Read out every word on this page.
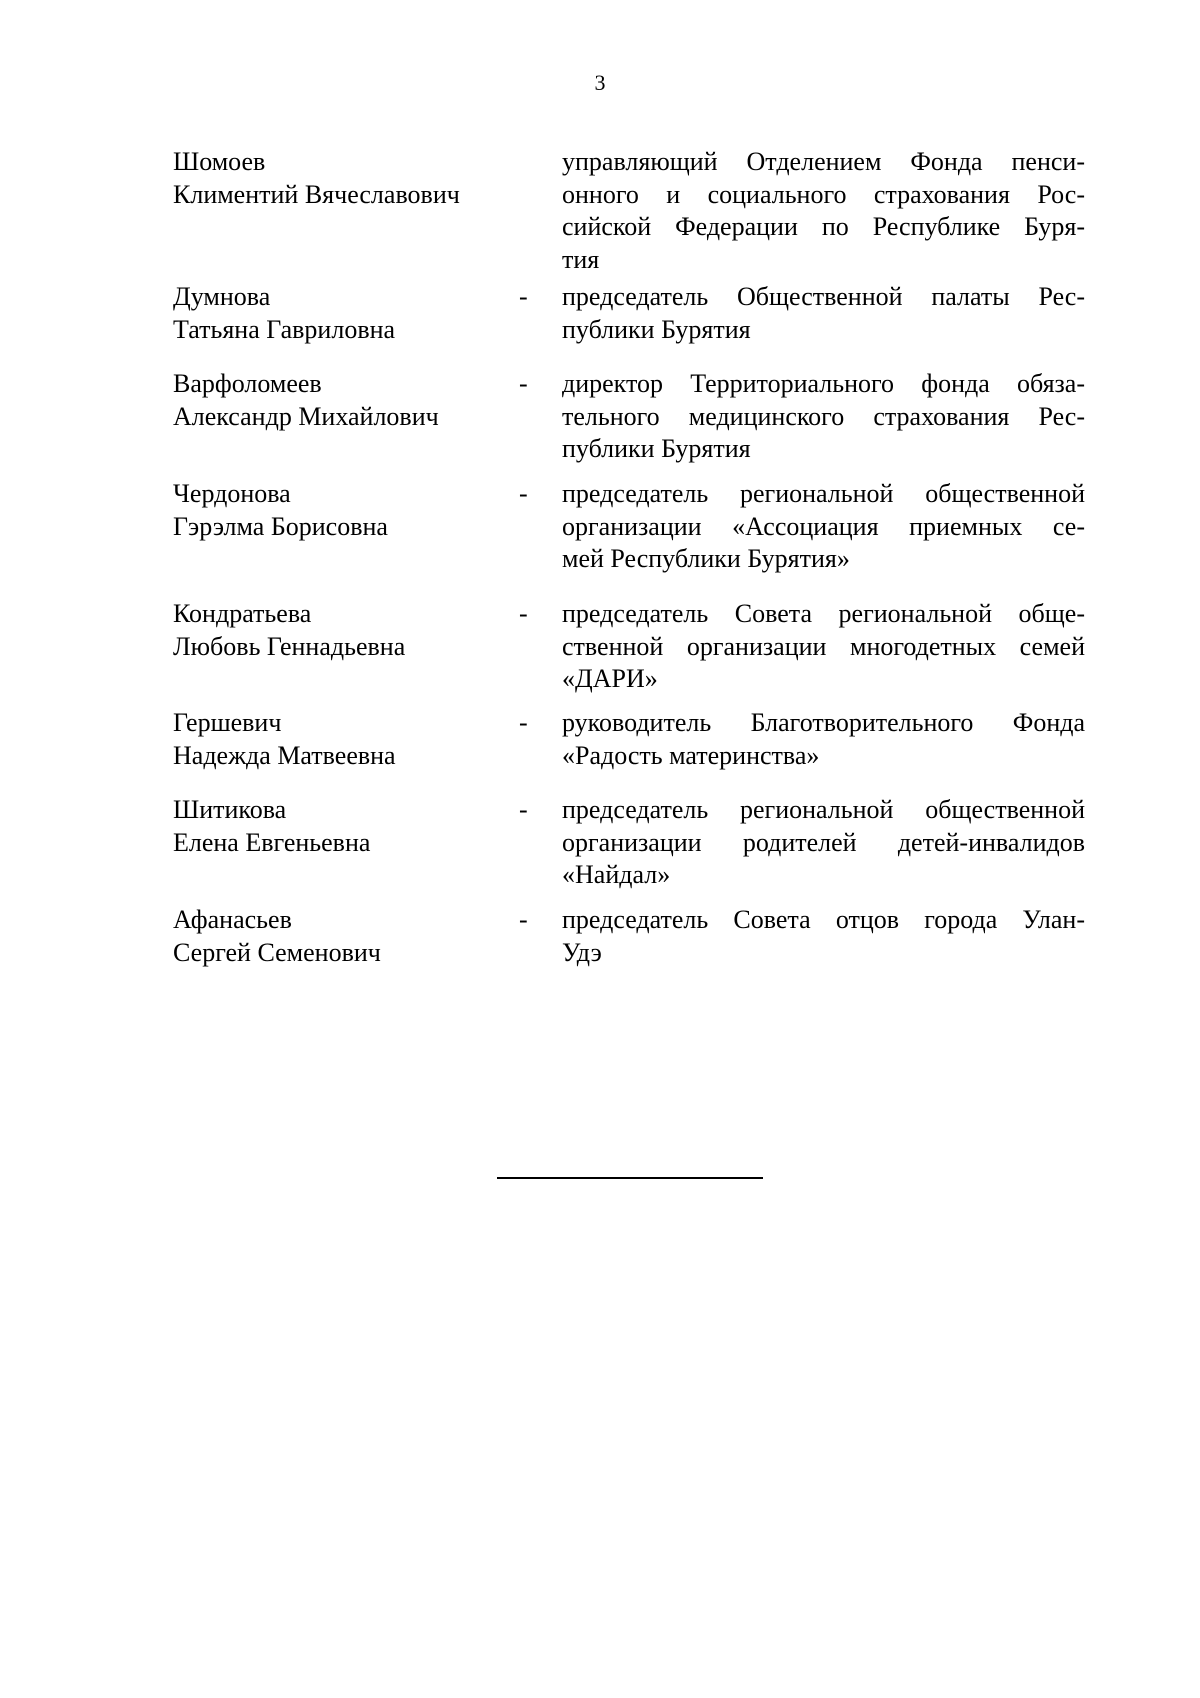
3
Шомоев
Климентий Вячеславович
управляющий Отделением Фонда пенси-
онного и социального страхования Рос-
сийской Федерации по Республике Буря-
тия
Думнова
Татьяна Гавриловна
- председатель Общественной палаты Рес-
публики Бурятия
Варфоломеев
Александр Михайлович
- директор Территориального фонда обяза-
тельного медицинского страхования Рес-
публики Бурятия
Чердонова
Гэрэлма Борисовна
- председатель региональной общественной
организации «Ассоциация приемных се-
мей Республики Бурятия»
Кондратьева
Любовь Геннадьевна
- председатель Совета региональной обще-
ственной организации многодетных семей
«ДАРИ»
Гершевич
Надежда Матвеевна
- руководитель Благотворительного Фонда
«Радость материнства»
Шитикова
Елена Евгеньевна
- председатель региональной общественной
организации родителей детей-инвалидов
«Найдал»
Афанасьев
Сергей Семенович
- председатель Совета отцов города Улан-
Удэ
